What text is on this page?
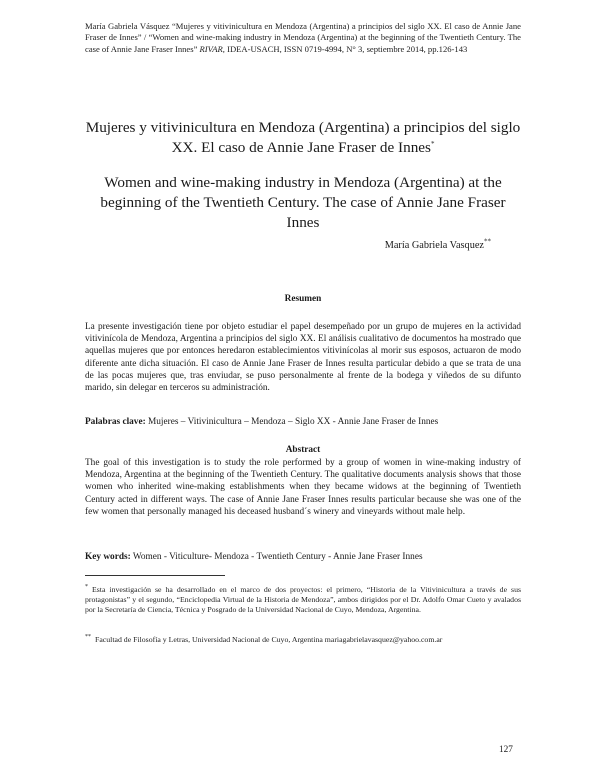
María Gabriela Vásquez “Mujeres y vitivinicultura en Mendoza (Argentina) a principios del siglo XX. El caso de Annie Jane Fraser de Innes” / “Women and wine-making industry in Mendoza (Argentina) at the beginning of the Twentieth Century. The case of Annie Jane Fraser Innes” RIVAR, IDEA-USACH, ISSN 0719-4994, N° 3, septiembre 2014, pp.126-143
Mujeres y vitivinicultura en Mendoza (Argentina) a principios del siglo XX. El caso de Annie Jane Fraser de Innes*
Women and wine-making industry in Mendoza (Argentina) at the beginning of the Twentieth Century. The case of Annie Jane Fraser Innes
María Gabriela Vasquez**
Resumen
La presente investigación tiene por objeto estudiar el papel desempeñado por un grupo de mujeres en la actividad vitivinícola de Mendoza, Argentina a principios del siglo XX. El análisis cualitativo de documentos ha mostrado que aquellas mujeres que por entonces heredaron establecimientos vitivinícolas al morir sus esposos, actuaron de modo diferente ante dicha situación. El caso de Annie Jane Fraser de Innes resulta particular debido a que se trata de una de las pocas mujeres que, tras enviudar, se puso personalmente al frente de la bodega y viñedos de su difunto marido, sin delegar en terceros su administración.
Palabras clave: Mujeres – Vitivinicultura – Mendoza – Siglo XX - Annie Jane Fraser de Innes
Abstract
The goal of this investigation is to study the role performed by a group of women in wine-making industry of Mendoza, Argentina at the beginning of the Twentieth Century. The qualitative documents analysis shows that those women who inherited wine-making establishments when they became widows at the beginning of Twentieth Century acted in different ways. The case of Annie Jane Fraser Innes results particular because she was one of the few women that personally managed his deceased husband´s winery and vineyards without male help.
Key words: Women - Viticulture- Mendoza - Twentieth Century - Annie Jane Fraser Innes
* Esta investigación se ha desarrollado en el marco de dos proyectos: el primero, “Historia de la Vitivinicultura a través de sus protagonistas” y el segundo, “Enciclopedia Virtual de la Historia de Mendoza”, ambos dirigidos por el Dr. Adolfo Omar Cueto y avalados por la Secretaría de Ciencia, Técnica y Posgrado de la Universidad Nacional de Cuyo, Mendoza, Argentina.
** Facultad de Filosofía y Letras, Universidad Nacional de Cuyo, Argentina mariagabrielavasquez@yahoo.com.ar
127
